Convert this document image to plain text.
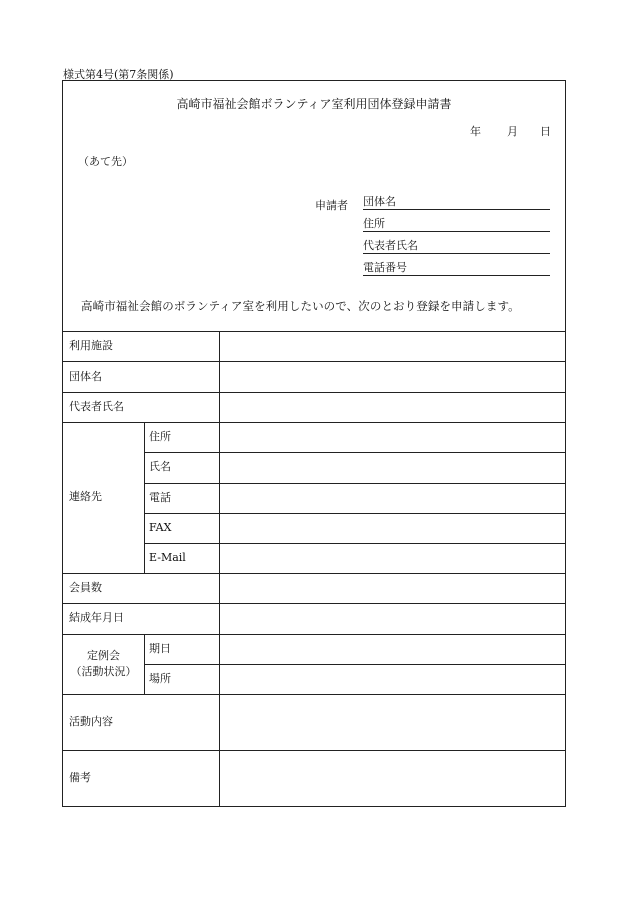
様式第4号(第7条関係)
高崎市福祉会館ボランティア室利用団体登録申請書
年 月 日
（あて先）
申請者 団体名
住所
代表者氏名
電話番号
高崎市福祉会館のボランティア室を利用したいので、次のとおり登録を申請します。
利用施設
団体名
代表者氏名
連絡先
住所
氏名
電話
FAX
E-Mail
会員数
結成年月日
定例会
（活動状況）
期日
場所
活動内容
備考
